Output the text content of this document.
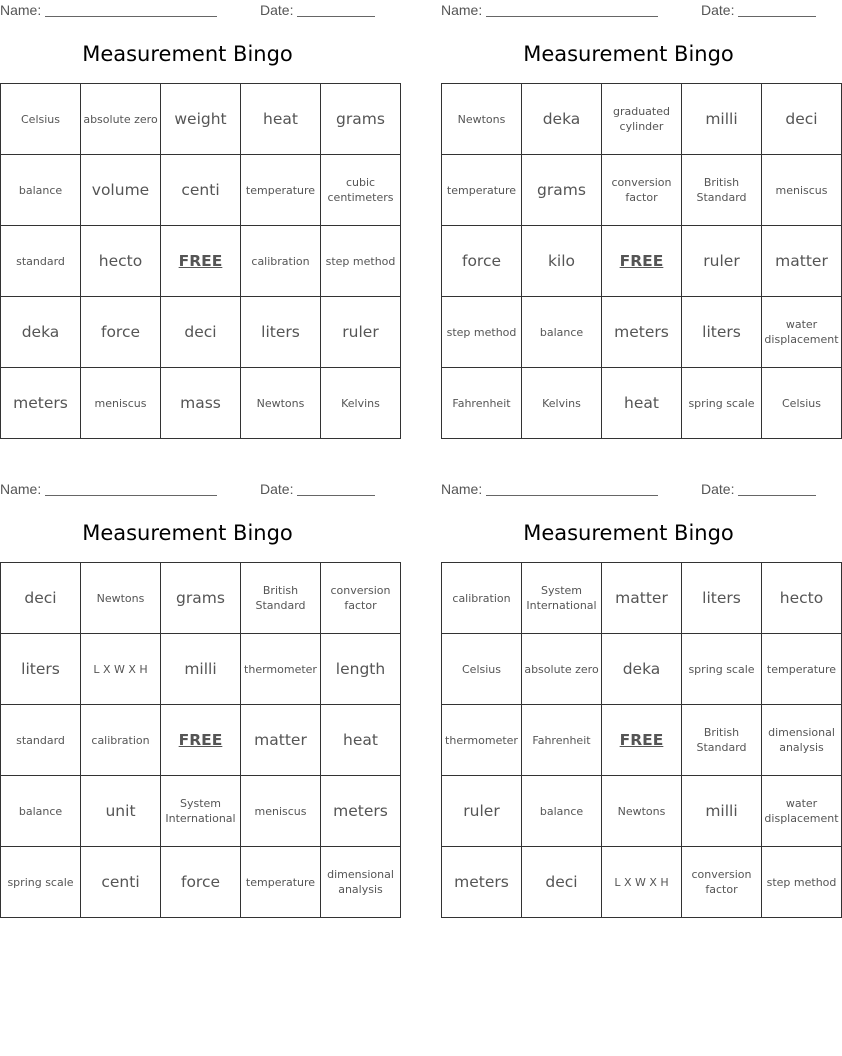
Name:	Date:
Measurement Bingo
Celsius	absolute zero	weight	heat	grams
balance	volume	centi	temperature	cubic centimeters
standard	hecto	FREE	calibration	step method
deka	force	deci	liters	ruler
meters	meniscus	mass	Newtons	Kelvins
Name:	Date:
Measurement Bingo
Newtons	deka	graduated cylinder	milli	deci
temperature	grams	conversion factor	British Standard	meniscus
force	kilo	FREE	ruler	matter
step method	balance	meters	liters	water displacement
Fahrenheit	Kelvins	heat	spring scale	Celsius
Name:	Date:
Measurement Bingo
deci	Newtons	grams	British Standard	conversion factor
liters	L X W X H	milli	thermometer	length
standard	calibration	FREE	matter	heat
balance	unit	System International	meniscus	meters
spring scale	centi	force	temperature	dimensional analysis
Name:	Date:
Measurement Bingo
calibration	System International	matter	liters	hecto
Celsius	absolute zero	deka	spring scale	temperature
thermometer	Fahrenheit	FREE	British Standard	dimensional analysis
ruler	balance	Newtons	milli	water displacement
meters	deci	L X W X H	conversion factor	step method
